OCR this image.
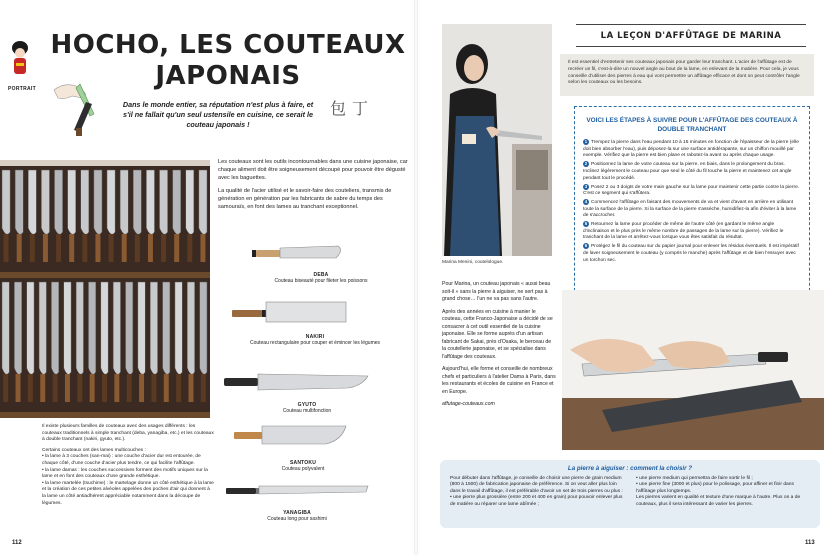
PORTRAIT
HOCHO, LES COUTEAUX
JAPONAIS
Dans le monde entier, sa réputation n'est plus à faire, et s'il ne fallait qu'un seul ustensile en cuisine, ce serait le couteau japonais !
包丁

Les couteaux sont les outils incontournables dans une cuisine japonaise, car chaque aliment doit être soigneusement découpé pour pouvoir être dégusté avec les baguettes.

La qualité de l'acier utilisé et le savoir-faire des couteliers, transmis de génération en génération par les fabricants de sabre du temps des samouraïs, en font des lames au tranchant exceptionnel.

DEBA
Couteau biseauté pour fileter les poissons
NAKIRI
Couteau rectangulaire pour couper et émincer les légumes
GYUTO
Couteau multifonction
SANTOKU
Couteau polyvalent
YANAGIBA
Couteau long pour sashimi

Il existe plusieurs familles de couteaux avec des usages différents : les couteaux traditionnels à simple tranchant (deba, yanagiba, etc.) et les couteaux à double tranchant (nakiri, gyuto, etc.).

Certains couteaux ont des lames multicouches :

• la lame à 3 couches (san-mai) : une couche d'acier dur est entourée, de chaque côté, d'une couche d'acier plus tendre, ce qui facilite l'affûtage.

• la lame damas : les couches successives forment des motifs uniques sur la lame et en font des couteaux d'une grande esthétique.

• la lame martelée (tsuchime) : le martelage donne un côté esthétique à la lame et la création de ces petites alvéoles appelées des poches d'air qui donnent à la lame un côté antiadhérent appréciable notamment dans la découpe de légumes.

112
Marina Menini, coutelologue.

Pour Marina, un couteau japonais « aussi beau soit-il » sans la pierre à aiguiser, ne sert pas à grand chose… l'un ne va pas sans l'autre.

Après des années en cuisine à manier le couteau, cette Franco-Japonaise a décidé de se consacrer à cet outil essentiel de la cuisine japonaise. Elle se forme auprès d'un artisan fabricant de Sakai, près d'Osaka, le berceau de la coutellerie japonaise, et se spécialise dans l'affûtage des couteaux.

Aujourd'hui, elle forme et conseille de nombreux chefs et particuliers à l'atelier Dama à Paris, dans les restaurants et écoles de cuisine en France et en Europe.

affutage-couteaux.com

LA LEÇON D'AFFÛTAGE DE MARINA
Il est essentiel d'entretenir ses couteaux japonais pour garder leur tranchant. L'acier de l'affûtage est de recréer un fil, c'est-à-dire un nouvel angle au bout de la lame, en enlevant de la matière. Pour cela, je vous conseille d'utiliser des pierres à eau qui vont permettre un affûtage efficace et dont on peut contrôler l'angle selon les couteaux ou les besoins.
VOICI LES ÉTAPES À SUIVRE POUR L'AFFÛTAGE DES COUTEAUX À DOUBLE TRANCHANT
1 Trempez la pierre dans l'eau pendant 10 à 15 minutes en fonction de l'épaisseur de la pierre (elle doit bien absorber l'eau), puis déposez-la sur une surface antidérapante, sur un chiffon mouillé par exemple. Vérifiez que la pierre est bien plane et rabotez-la avant ou après chaque usage.
2 Positionnez la lame de votre couteau sur la pierre, en biais, dans le prolongement du bras. Inclinez légèrement le couteau pour que seul le côté du fil touche la pierre et maintenez cet angle pendant tout le procédé.
3 Posez 2 ou 3 doigts de votre main gauche sur la lame pour maintenir cette partie contre la pierre. C'est ce segment qui s'affûtera.
4 Commencez l'affûtage en faisant des mouvements de va et vient d'avant en arrière en utilisant toute la surface de la pierre. Si la surface de la pierre s'assèche, humidifiez-la afin d'éviter à la lame de s'accrocher.
5 Retournez la lame pour procéder de même de l'autre côté (en gardant le même angle d'inclinaison et le plus près le même nombre de passages de la lame sur la pierre). Vérifiez le tranchant de la lame et arrêtez-vous lorsque vous êtes satisfait du résultat.
6 Protégez le fil du couteau sur du papier journal pour enlever les résidus éventuels. Il est impératif de laver soigneusement le couteau (y compris le manche) après l'affûtage et de bien l'essuyer avec un torchon sec.
La pierre à aiguiser : comment la choisir ?
Pour débuter dans l'affûtage, je conseille de choisir une pierre de grain medium (800 à 1500) de fabrication japonaise de préférence. Si on veut aller plus loin dans le travail d'affûtage, il est préférable d'avoir un set de trois pierres ou plus :
• une pierre plus grossière (entre 200 et 400 en grain) pour pouvoir enlever plus de matière ou réparer une lame abîmée ;
• une pierre medium qui permettra de faire sortir le fil ;
• une pierre fine (3000 et plus) pour le polissage, pour affiner et finir dans l'affûtage plus longtemps.
Les pierres varient en qualité et texture d'une marque à l'autre. Plus on a de couteaux, plus il sera intéressant de varier les pierres.
113
